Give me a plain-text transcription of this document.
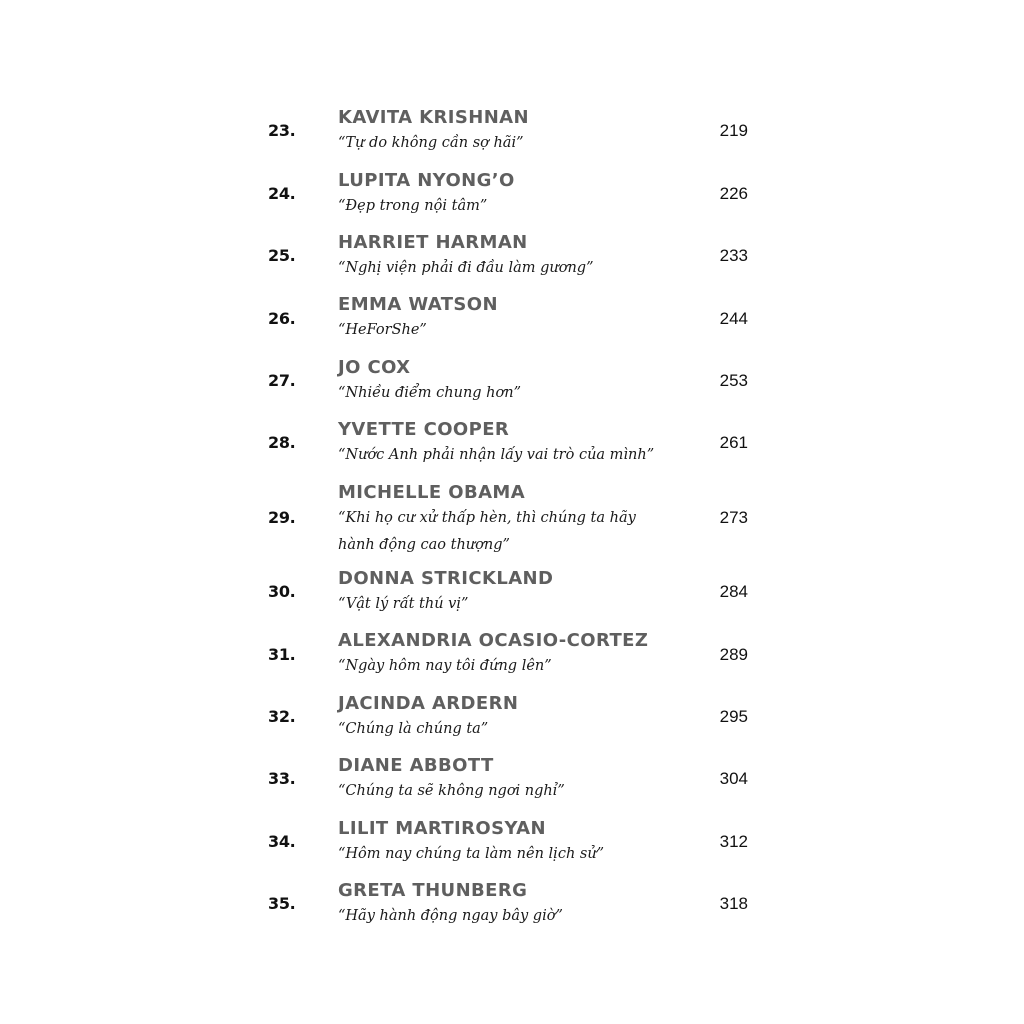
23.
KAVITA KRISHNAN
“Tự do không cần sợ hãi”
219
24.
LUPITA NYONG’O
“Đẹp trong nội tâm”
226
25.
HARRIET HARMAN
“Nghị viện phải đi đầu làm gương”
233
26.
EMMA WATSON
“HeForShe”
244
27.
JO COX
“Nhiều điểm chung hơn”
253
28.
YVETTE COOPER
“Nước Anh phải nhận lấy vai trò của mình”
261
29.
MICHELLE OBAMA
“Khi họ cư xử thấp hèn, thì chúng ta hãy hành động cao thượng”
273
30.
DONNA STRICKLAND
“Vật lý rất thú vị”
284
31.
ALEXANDRIA OCASIO-CORTEZ
“Ngày hôm nay tôi đứng lên”
289
32.
JACINDA ARDERN
“Chúng là chúng ta”
295
33.
DIANE ABBOTT
“Chúng ta sẽ không ngơi nghỉ”
304
34.
LILIT MARTIROSYAN
“Hôm nay chúng ta làm nên lịch sử”
312
35.
GRETA THUNBERG
“Hãy hành động ngay bây giờ”
318
